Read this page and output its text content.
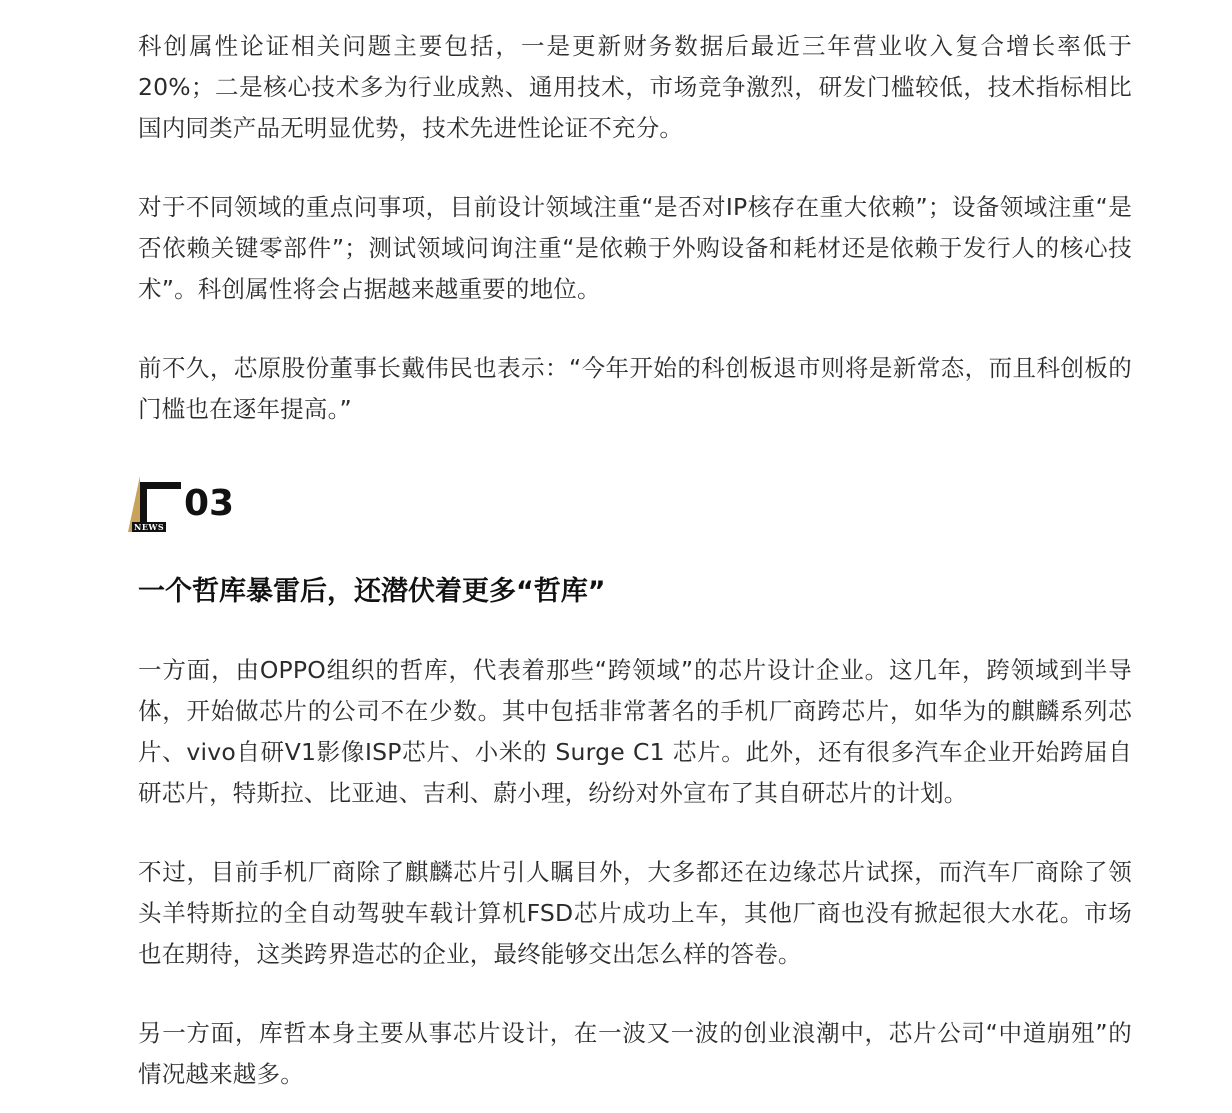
科创属性论证相关问题主要包括，一是更新财务数据后最近三年营业收入复合增长率低于20%；二是核心技术多为行业成熟、通用技术，市场竞争激烈，研发门槛较低，技术指标相比国内同类产品无明显优势，技术先进性论证不充分。

对于不同领域的重点问事项，目前设计领域注重“是否对IP核存在重大依赖”；设备领域注重“是否依赖关键零部件”；测试领域问询注重“是依赖于外购设备和耗材还是依赖于发行人的核心技术”。科创属性将会占据越来越重要的地位。

前不久，芯原股份董事长戴伟民也表示：“今年开始的科创板退市则将是新常态，而且科创板的门槛也在逐年提高。”

NEWS
03
一个哲库暴雷后，还潜伏着更多“哲库”

一方面，由OPPO组织的哲库，代表着那些“跨领域”的芯片设计企业。这几年，跨领域到半导体，开始做芯片的公司不在少数。其中包括非常著名的手机厂商跨芯片，如华为的麒麟系列芯片、vivo自研V1影像ISP芯片、小米的 Surge C1 芯片。此外，还有很多汽车企业开始跨届自研芯片，特斯拉、比亚迪、吉利、蔚小理，纷纷对外宣布了其自研芯片的计划。

不过，目前手机厂商除了麒麟芯片引人瞩目外，大多都还在边缘芯片试探，而汽车厂商除了领头羊特斯拉的全自动驾驶车载计算机FSD芯片成功上车，其他厂商也没有掀起很大水花。市场也在期待，这类跨界造芯的企业，最终能够交出怎么样的答卷。

另一方面，库哲本身主要从事芯片设计，在一波又一波的创业浪潮中，芯片公司“中道崩殂”的情况越来越多。
